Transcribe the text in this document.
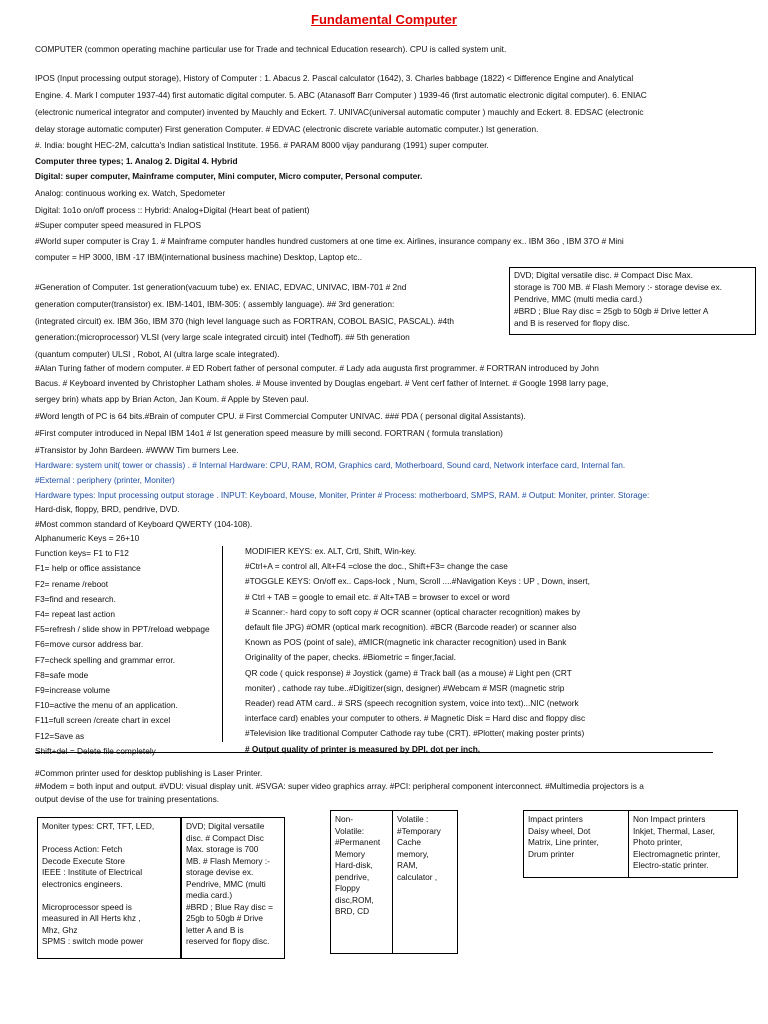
Fundamental Computer
COMPUTER (common operating machine particular use for Trade and technical Education research). CPU is called system unit.
IPOS (Input processing output storage), History of Computer : 1. Abacus 2. Pascal calculator (1642), 3. Charles babbage (1822) < Difference Engine and Analytical
Engine. 4. Mark I computer 1937-44) first automatic digital computer. 5. ABC (Atanasoff Barr Computer ) 1939-46 (first automatic electronic digital computer). 6. ENIAC
(electronic numerical integrator and computer) invented by Mauchly and Eckert. 7. UNIVAC(universal automatic computer ) mauchly and Eckert. 8. EDSAC (electronic
delay storage automatic computer) First generation Computer. # EDVAC (electronic discrete variable automatic computer.) Ist generation.
#. India: bought HEC-2M, calcutta's Indian satistical Institute. 1956. # PARAM 8000 vijay pandurang (1991) super computer.
Computer three types; 1. Analog 2. Digital 4. Hybrid
Digital: super computer, Mainframe computer, Mini computer, Micro computer, Personal computer.
Analog: continuous working ex. Watch, Spedometer
Digital: 1o1o on/off process :: Hybrid: Analog+Digital (Heart beat of patient)
#Super computer speed measured in FLPOS
#World super computer is Cray 1. # Mainframe computer handles hundred customers at one time ex. Airlines, insurance company ex.. IBM 36o , IBM 37O # Mini
computer = HP 3000, IBM -17 IBM(international business machine) Desktop, Laptop etc..
#Generation of Computer. 1st generation(vacuum tube) ex. ENIAC, EDVAC, UNIVAC, IBM-701 # 2nd
generation computer(transistor) ex. IBM-1401, IBM-305: ( assembly language). ## 3rd generation:
(integrated circuit) ex. IBM 36o, IBM 370 (high level language such as FORTRAN, COBOL BASIC, PASCAL). #4th
generation:(microprocessor) VLSI (very large scale integrated circuit) intel (Tedhoff). ## 5th generation
(quantum computer) ULSI , Robot, AI (ultra large scale integrated).
DVD; Digital versatile disc. # Compact Disc Max.
storage is 700 MB. # Flash Memory :- storage devise ex.
Pendrive, MMC (multi media card.)
#BRD ; Blue Ray disc = 25gb to 50gb # Drive letter A
and B is reserved for flopy disc.
#Alan Turing father of modern computer. # ED Robert father of personal computer. # Lady ada augusta first programmer. # FORTRAN introduced by John
Bacus. # Keyboard invented by Christopher Latham sholes. # Mouse invented by Douglas engebart. # Vent cerf father of Internet. # Google 1998 larry page,
sergey brin) whats app by Brian Acton, Jan Koum. # Apple by Steven paul.
#Word length of PC is 64 bits.#Brain of computer CPU. # First Commercial Computer UNIVAC. ### PDA ( personal digital Assistants).
#First computer introduced in Nepal IBM 14o1 # Ist generation speed measure by milli second. FORTRAN ( formula translation)
#Transistor by John Bardeen. #WWW Tim burners Lee.
Hardware: system unit( tower or chassis) . # Internal Hardware: CPU, RAM, ROM, Graphics card, Motherboard, Sound card, Network interface card, Internal fan.
#External : periphery (printer, Moniter)
Hardware types: Input processing output storage . INPUT: Keyboard, Mouse, Moniter, Printer # Process: motherboard, SMPS, RAM. # Output: Moniter, printer. Storage:
Hard-disk, floppy, BRD, pendrive, DVD.
#Most common standard of Keyboard QWERTY (104-108).
#Common printer used for desktop publishing is Laser Printer.
#Modem = both input and output. #VDU: visual display unit. #SVGA: super video graphics array. #PCI: peripheral component interconnect. #Multimedia projectors is a
output devise of the use for training presentations.
Moniter types: CRT, TFT, LED,
Process Action: Fetch
Decode Execute Store
IEEE : Institute of Electrical
electronics engineers.
Microprocessor speed is
measured in All Herts khz ,
Mhz, Ghz
SPMS : switch mode power
DVD; Digital versatile
disc. # Compact Disc
Max. storage is 700
MB. # Flash Memory :-
storage devise ex.
Pendrive, MMC (multi
media card.)
#BRD ; Blue Ray disc =
25gb to 50gb # Drive
letter A and B is
reserved for flopy disc.
Non-
Volatile:
#Permanent
Memory
Hard-disk,
pendrive,
Floppy
disc,ROM,
BRD, CD
Volatile :
#Temporary
Cache
memory,
RAM,
calculator ,
Impact printers
Daisy wheel, Dot
Matrix, Line printer,
Drum printer
Non Impact printers
Inkjet, Thermal, Laser,
Photo printer,
Electromagnetic printer,
Electro-static printer.
Alphanumeric Keys = 26+10
Function keys= F1 to F12
F1= help or office assistance
F2= rename /reboot
F3=find and research.
F4= repeat last action
F5=refresh / slide show in PPT/reload webpage
F6=move cursor address bar.
F7=check spelling and grammar error.
F8=safe mode
F9=increase volume
F10=active the menu of an application.
F11=full screen /create chart in excel
F12=Save as
Shift+del = Delete file completely
MODIFIER KEYS: ex. ALT, Crtl, Shift, Win-key.
#Ctrl+A = control all, Alt+F4 =close the doc., Shift+F3= change the case
#TOGGLE KEYS: On/off ex.. Caps-lock , Num, Scroll ....#Navigation Keys : UP , Down, insert,
# Ctrl + TAB = google to email etc. # Alt+TAB = browser to excel or word
# Scanner:- hard copy to soft copy # OCR scanner (optical character recognition) makes by
default file JPG) #OMR (optical mark recognition). #BCR (Barcode reader) or scanner also
Known as POS (point of sale), #MICR(magnetic ink character recognition) used in Bank
Originality of the paper, checks. #Biometric = finger,facial.
QR code ( quick response) # Joystick (game) # Track ball (as a mouse) # Light pen (CRT
moniter) , cathode ray tube..#Digitizer(sign, designer) #Webcam # MSR (magnetic strip
Reader) read ATM card.. # SRS (speech recognition system, voice into text)...NIC (network
interface card) enables your computer to others. # Magnetic Disk = Hard disc and floppy disc
#Television like traditional Computer Cathode ray tube (CRT). #Plotter( making poster prints)
# Output quality of printer is measured by DPI, dot per inch,
